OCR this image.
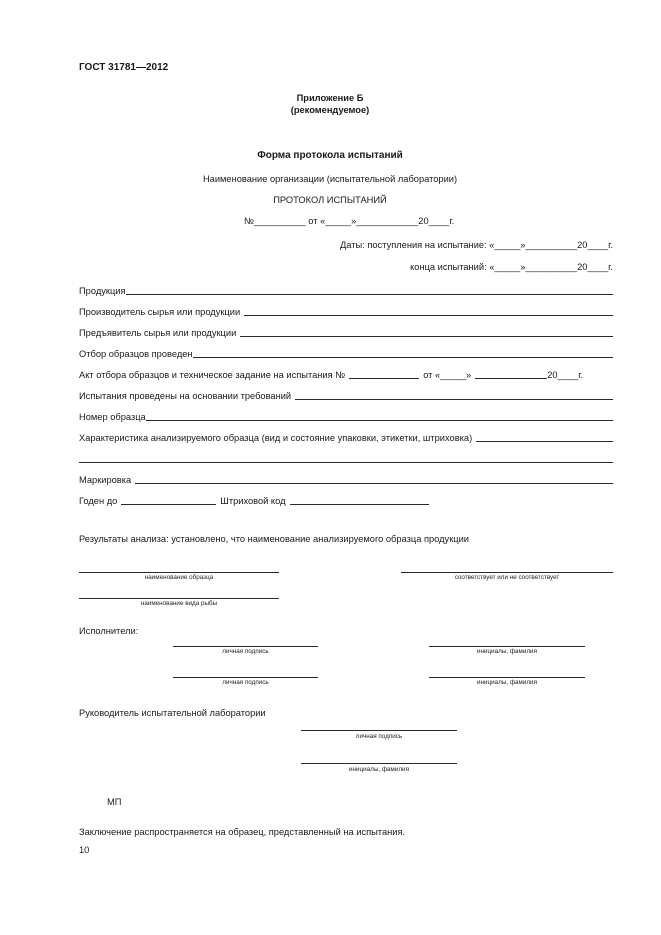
ГОСТ 31781—2012
Приложение Б
(рекомендуемое)
Форма протокола испытаний
Наименование организации (испытательной лаборатории)
ПРОТОКОЛ ИСПЫТАНИЙ
№__________ от «_____»____________20____г.
Даты: поступления на испытание: «_____»__________20____г.
конца испытаний: «_____»__________20____г.
Продукция
Производитель сырья или продукции
Предъявитель сырья или продукции
Отбор образцов проведен
Акт отбора образцов и техническое задание на испытания №	от «_____»	20____г.
Испытания проведены на основании требований
Номер образца
Характеристика анализируемого образца (вид и состояние упаковки, этикетки, штриховка)
Маркировка
Годен до	Штриховой код
Результаты анализа: установлено, что наименование анализируемого образца продукции
наименование образца	соответствует или не соответствует
наименование вида рыбы
Исполнители:
личная подпись	инициалы, фамилия
личная подпись	инициалы, фамилия
Руководитель испытательной лаборатории
личная подпись
инициалы, фамилия
МП
Заключение распространяется на образец, представленный на испытания.
10
